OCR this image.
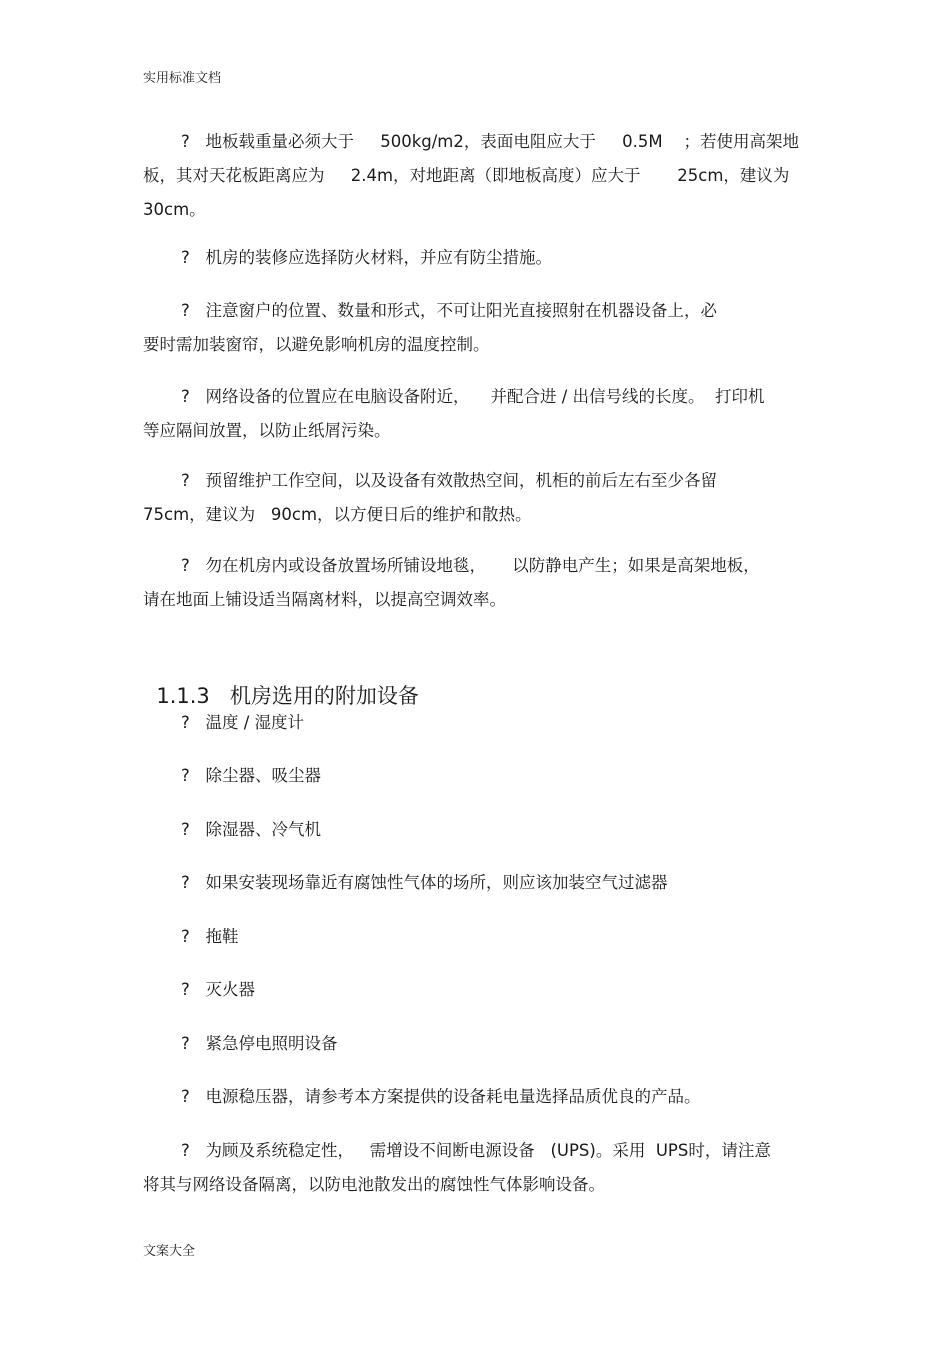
实用标准文档
?   地板载重量必须大于     500kg/m2，表面电阻应大于     0.5M    ；若使用高架地
板，其对天花板距离应为     2.4m，对地距离（即地板高度）应大于       25cm，建议为
30cm。
?   机房的装修应选择防火材料，并应有防尘措施。
?   注意窗户的位置、数量和形式，不可让阳光直接照射在机器设备上，必
要时需加装窗帘，以避免影响机房的温度控制。
?   网络设备的位置应在电脑设备附近，    并配合进 / 出信号线的长度。  打印机
等应隔间放置，以防止纸屑污染。
?   预留维护工作空间，以及设备有效散热空间，机柜的前后左右至少各留
75cm，建议为   90cm，以方便日后的维护和散热。
?   勿在机房内或设备放置场所铺设地毯，     以防静电产生；如果是高架地板，
请在地面上铺设适当隔离材料，以提高空调效率。

1.1.3 机房选用的附加设备

?   温度 / 湿度计
?   除尘器、吸尘器
?   除湿器、冷气机
?   如果安装现场靠近有腐蚀性气体的场所，则应该加装空气过滤器
?   拖鞋
?   灭火器
?   紧急停电照明设备
?   电源稳压器，请参考本方案提供的设备耗电量选择品质优良的产品。
?   为顾及系统稳定性，   需增设不间断电源设备   (UPS)。采用  UPS时，请注意
将其与网络设备隔离，以防电池散发出的腐蚀性气体影响设备。
文案大全
